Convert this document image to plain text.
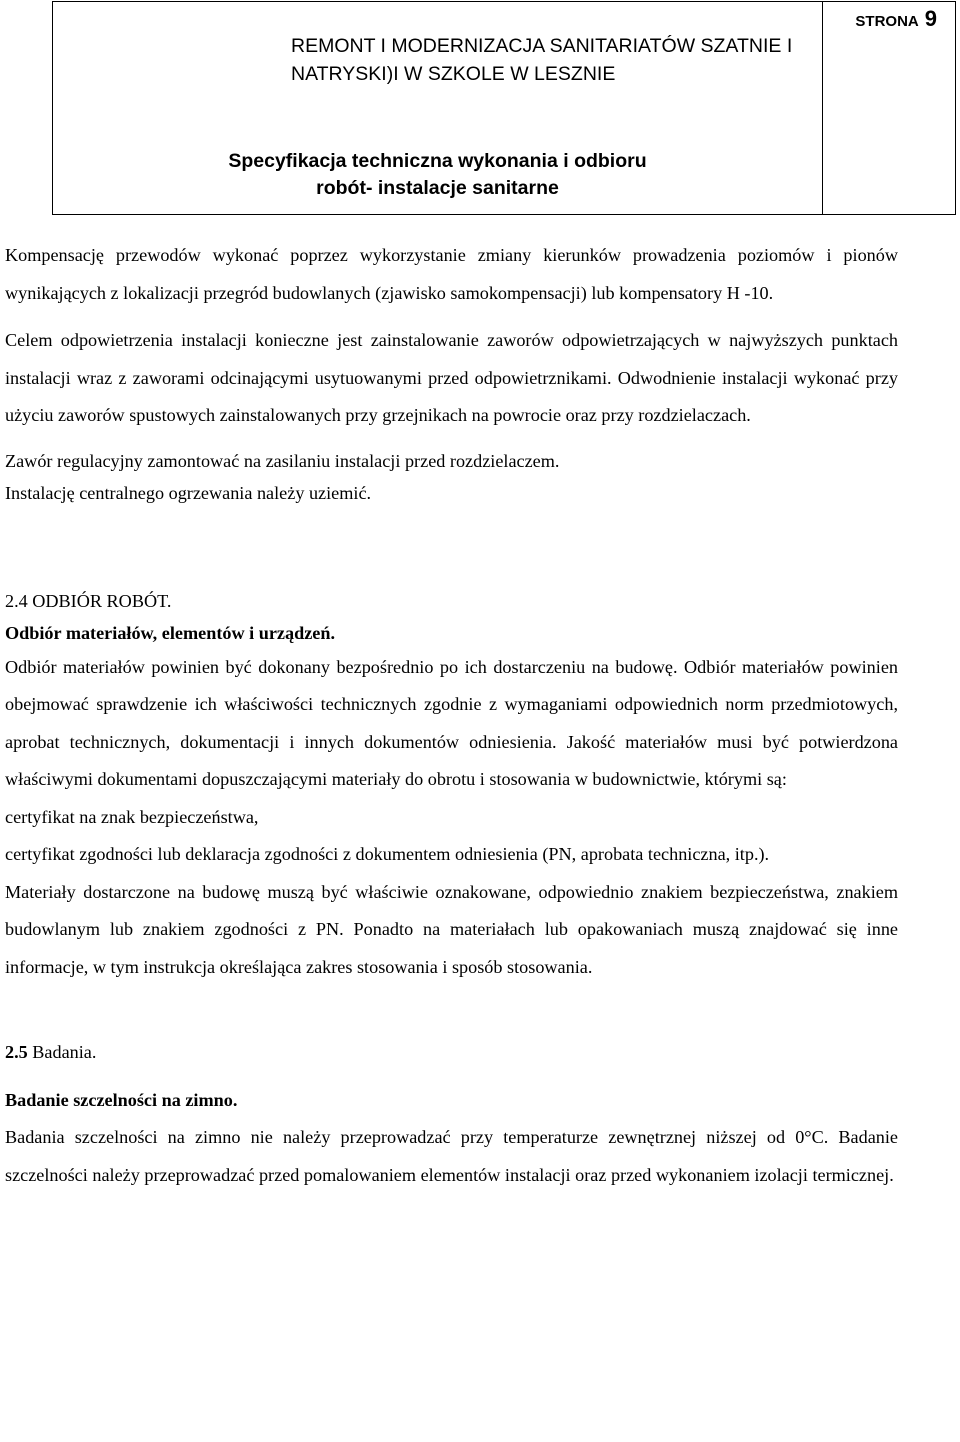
REMONT I MODERNIZACJA SANITARIATÓW SZATNIE I
NATRYSKI)I W SZKOLE W LESZNIE
Specyfikacja techniczna wykonania i odbioru
robót- instalacje sanitarne
STRONA 9

Kompensację przewodów wykonać poprzez wykorzystanie zmiany kierunków prowadzenia poziomów i pionów wynikających z lokalizacji przegród budowlanych (zjawisko samokompensacji) lub kompensatory H -10.

Celem odpowietrzenia instalacji konieczne jest zainstalowanie zaworów odpowietrzających w najwyższych punktach instalacji wraz z zaworami odcinającymi usytuowanymi przed odpowietrznikami. Odwodnienie instalacji wykonać przy użyciu zaworów spustowych zainstalowanych przy grzejnikach na powrocie oraz przy rozdzielaczach.

Zawór regulacyjny zamontować na zasilaniu instalacji przed rozdzielaczem.

Instalację centralnego ogrzewania należy uziemić.

2.4 ODBIÓR ROBÓT.

Odbiór materiałów, elementów i urządzeń.

Odbiór materiałów powinien być dokonany bezpośrednio po ich dostarczeniu na budowę. Odbiór materiałów powinien obejmować sprawdzenie ich właściwości technicznych zgodnie z wymaganiami odpowiednich norm przedmiotowych, aprobat technicznych, dokumentacji i innych dokumentów odniesienia. Jakość materiałów musi być potwierdzona właściwymi dokumentami dopuszczającymi materiały do obrotu i stosowania w budownictwie, którymi są:

certyfikat na znak bezpieczeństwa,

certyfikat zgodności lub deklaracja zgodności z dokumentem odniesienia (PN, aprobata techniczna, itp.).

Materiały dostarczone na budowę muszą być właściwie oznakowane, odpowiednio znakiem bezpieczeństwa, znakiem budowlanym lub znakiem zgodności z PN. Ponadto na materiałach lub opakowaniach muszą znajdować się inne informacje, w tym instrukcja określająca zakres stosowania i sposób stosowania.

2.5 Badania.

Badanie szczelności na zimno.

Badania szczelności na zimno nie należy przeprowadzać przy temperaturze zewnętrznej niższej od 0°C. Badanie szczelności należy przeprowadzać przed pomalowaniem elementów instalacji oraz przed wykonaniem izolacji termicznej.
